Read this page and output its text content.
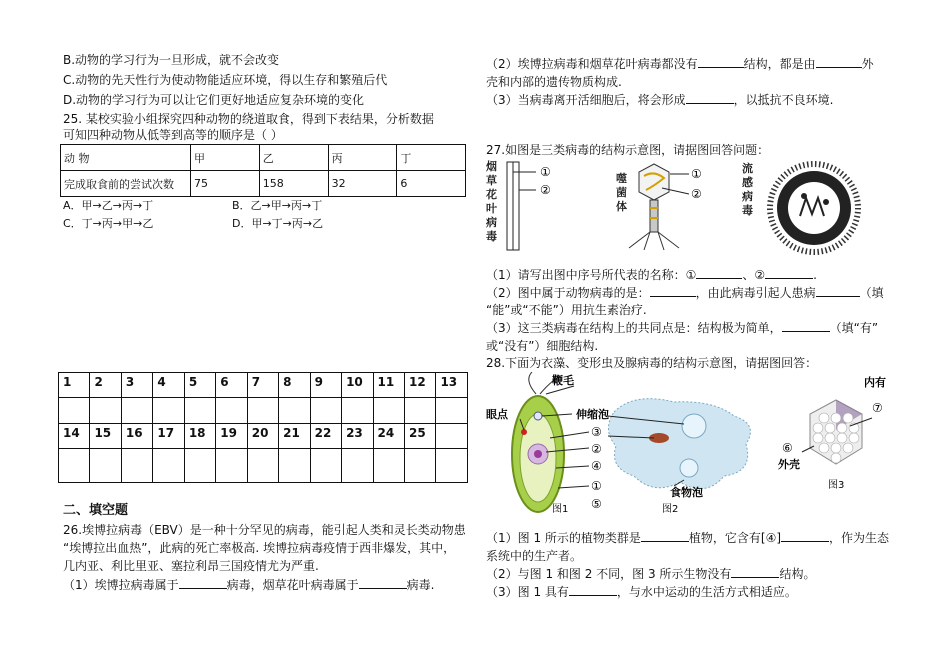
B.动物的学习行为一旦形成，就不会改变
C.动物的先天性行为使动物能适应环境，得以生存和繁殖后代
D.动物的学习行为可以让它们更好地适应复杂环境的变化
25. 某校实验小组探究四种动物的绕道取食，得到下表结果，分析数据
可知四种动物从低等到高等的顺序是（ ）
动 物	甲	乙	丙	丁
完成取食前的尝试次数	75	158	32	6
A．甲→乙→丙→丁	B．乙→甲→丙→丁
C．丁→丙→甲→乙	D．甲→丁→丙→乙
1	2	3	4	5	6	7	8	9	10	11	12	13

14	15	16	17	18	19	20	21	22	23	24	25	

二、填空题
26.埃博拉病毒（EBV）是一种十分罕见的病毒，能引起人类和灵长类动物患
“埃博拉出血热”，此病的死亡率极高. 埃博拉病毒疫情于西非爆发，其中，
几内亚、利比里亚、塞拉利昂三国疫情尤为严重.
（1）埃博拉病毒属于	病毒，烟草花叶病毒属于	病毒.
（2）埃博拉病毒和烟草花叶病毒都没有	结构，都是由	外
壳和内部的遗传物质构成.
（3）当病毒离开活细胞后，将会形成	，以抵抗不良环境.
27.如图是三类病毒的结构示意图，请据图回答问题：
烟
草
花
叶
病
毒
①
②
噬
菌
体
①
②
流
感
病
毒
（1）请写出图中序号所代表的名称：①	、②	.
（2）图中属于动物病毒的是：	，由此病毒引起人患病	（填
“能”或“不能”）用抗生素治疗.
（3）这三类病毒在结构上的共同点是：结构极为简单，	（填“有”
或“没有”）细胞结构.
28.下面为衣藻、变形虫及腺病毒的结构示意图，请据图回答：
鞭毛
眼点	伸缩泡
③
②
④
①
⑤
图1
食物泡
图2
内有
⑦
⑥
外壳
图3
（1）图 1 所示的植物类群是	植物，它含有[④]	，作为生态
系统中的生产者。
（2）与图 1 和图 2 不同，图 3 所示生物没有	结构。
（3）图 1 具有	，与水中运动的生活方式相适应。
